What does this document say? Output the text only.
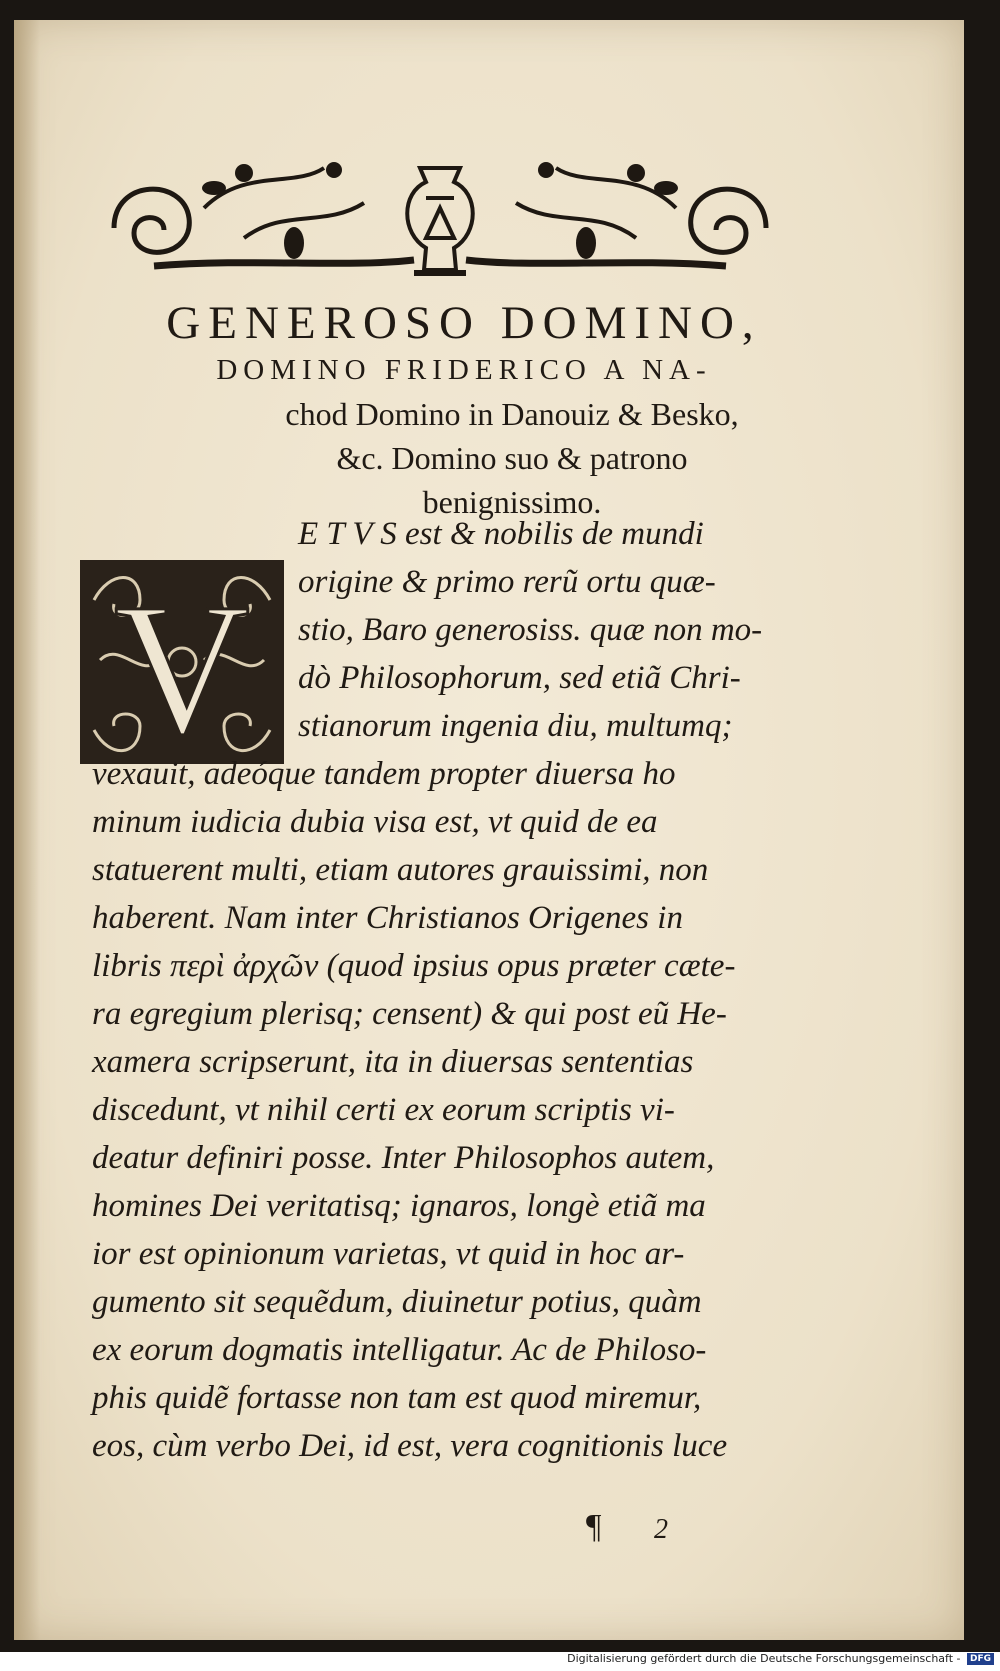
GENEROSO DOMINO,
DOMINO FRIDERICO A NA-
chod Domino in Danouiz & Besko,
&c. Domino suo & patrono
benignissimo.
V
E T V S est & nobilis de mundi
origine & primo rerũ ortu quæ-
stio, Baro generosiss. quæ non mo-
dò Philosophorum, sed etiã Chri-
stianorum ingenia diu, multumq;
vexauit, adeóque tandem propter diuersa ho
minum iudicia dubia visa est, vt quid de ea
statuerent multi, etiam autores grauissimi, non
haberent. Nam inter Christianos Origenes in
libris περὶ ἀρχῶν (quod ipsius opus præter cæte-
ra egregium plerisq; censent) & qui post eũ He-
xamera scripserunt, ita in diuersas sententias
discedunt, vt nihil certi ex eorum scriptis vi-
deatur definiri posse. Inter Philosophos autem,
homines Dei veritatisq; ignaros, longè etiã ma
ior est opinionum varietas, vt quid in hoc ar-
gumento sit sequẽdum, diuinetur potius, quàm
ex eorum dogmatis intelligatur. Ac de Philoso-
phis quidẽ fortasse non tam est quod miremur,
eos, cùm verbo Dei, id est, vera cognitionis luce
¶ 2
Digitalisierung gefördert durch die Deutsche Forschungsgemeinschaft - DFG
